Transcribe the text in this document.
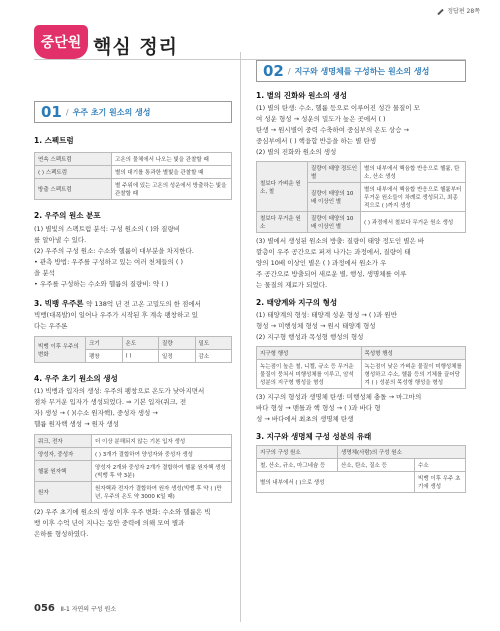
정답편 28쪽
중단원 핵심 정리
01 / 우주 초기 원소의 생성
1. 스펙트럼
연속 스펙트럼	고온의 물체에서 나오는 빛을 관찰할 때
( ) 스펙트럼	별의 대기를 통과한 별빛을 관찰할 때
방출 스펙트럼	별 주위에 있는 고온의 성운에서 방출하는 빛을 관찰할 때
2. 우주의 원소 분포
(1) 별빛의 스펙트럼 분석: 구성 원소의 ( )와 질량비
를 알아낼 수 있다.
(2) 우주의 구성 원소: 수소와 헬륨이 대부분을 차지한다.
• 관측 방법: 우주를 구성하고 있는 여러 천체들의 ( )
을 분석
• 우주를 구성하는 수소와 헬륨의 질량비: 약 ( )
3. 빅뱅 우주론 약 138억 년 전 고온 고밀도의 한 점에서
빅뱅(대폭발)이 일어나 우주가 시작된 후 계속 팽창하고 있
다는 우주론
빅뱅 이후 우주의 변화	크기	온도	질량	밀도
	팽창	( )	일정	감소
4. 우주 초기 원소의 생성
(1) 빅뱅과 입자의 생성: 우주의 팽창으로 온도가 낮아지면서
점차 무거운 입자가 생성되었다. ⇒ 기본 입자(쿼크, 전
자) 생성 → ( )(수소 원자핵), 중성자 생성 →
헬륨 원자핵 생성 → 원자 생성
쿼크, 전자	더 이상 분해되지 않는 기본 입자 생성
양성자, 중성자	( ) 3개가 결합하여 양성자와 중성자 생성
헬륨 원자핵	양성자 2개와 중성자 2개가 결합하여 헬륨 원자핵 생성(빅뱅 후 약 3분)
원자	원자핵과 전자가 결합하여 원자 생성(빅뱅 후 약 ( )만 년, 우주의 온도 약 3000 K일 때)
(2) 우주 초기에 원소의 생성 이후 우주 변화: 수소와 헬륨은 빅
뱅 이후 수억 년이 지나는 동안 중력에 의해 모여 별과
은하를 형성하였다.
056 Ⅱ-1 자연의 구성 원소
02 / 지구와 생명체를 구성하는 원소의 생성
1. 별의 진화와 원소의 생성
(1) 별의 탄생: 수소, 헬륨 등으로 이루어진 성간 물질이 모
여 성운 형성 → 성운의 밀도가 높은 곳에서 ( )
탄생 → 원시별이 중력 수축하여 중심부의 온도 상승 →
중심부에서 ( ) 핵융합 반응을 하는 별 탄생
(2) 별의 진화와 원소의 생성
철보다 가벼운 원소, 철	질량이 태양 정도인 별	별의 내부에서 핵융합 반응으로 헬륨, 탄소, 산소 생성
	질량이 태양의 10배 이상인 별	별의 내부에서 핵융합 반응으로 헬륨부터 무거운 원소들이 차례로 생성되고, 최종적으로 ( )까지 생성
철보다 무거운 원소	질량이 태양의 10배 이상인 별	( ) 과정에서 철보다 무거운 원소 생성
(3) 별에서 생성된 원소의 방출: 질량이 태양 정도인 별은 바
깥층이 우주 공간으로 퍼져 나가는 과정에서, 질량이 태
양의 10배 이상인 별은 ( ) 과정에서 원소가 우
주 공간으로 방출되어 새로운 별, 행성, 생명체를 이루
는 물질의 재료가 되었다.
2. 태양계와 지구의 형성
(1) 태양계의 형성: 태양계 성운 형성 → ( )과 원반
형성 → 미행성체 형성 → 원시 태양계 형성
(2) 지구형 행성과 목성형 행성의 형성
지구형 행성	목성형 행성
녹는점이 높은 철, 니켈, 규소 등 무거운 물질이 뭉쳐서 미행성체를 이루고, 암석 성분의 지구형 행성을 형성	녹는점이 낮은 가벼운 물질이 미행성체를 형성하고 수소, 헬륨 등의 기체를 끌어당겨 ( ) 성분의 목성형 행성을 형성
(3) 지구의 형성과 생명체 탄생: 미행성체 충돌 → 마그마의
바다 형성 → 맨틀과 핵 형성 → ( )과 바다 형
성 → 바다에서 최초의 생명체 탄생
3. 지구와 생명체 구성 성분의 유래
지구의 구성 원소	생명체(사람)의 구성 원소	
철, 산소, 규소, 마그네슘 등	산소, 탄소, 질소 등	수소
별의 내부에서 ( )으로 생성		빅뱅 이후 우주 초기에 생성
